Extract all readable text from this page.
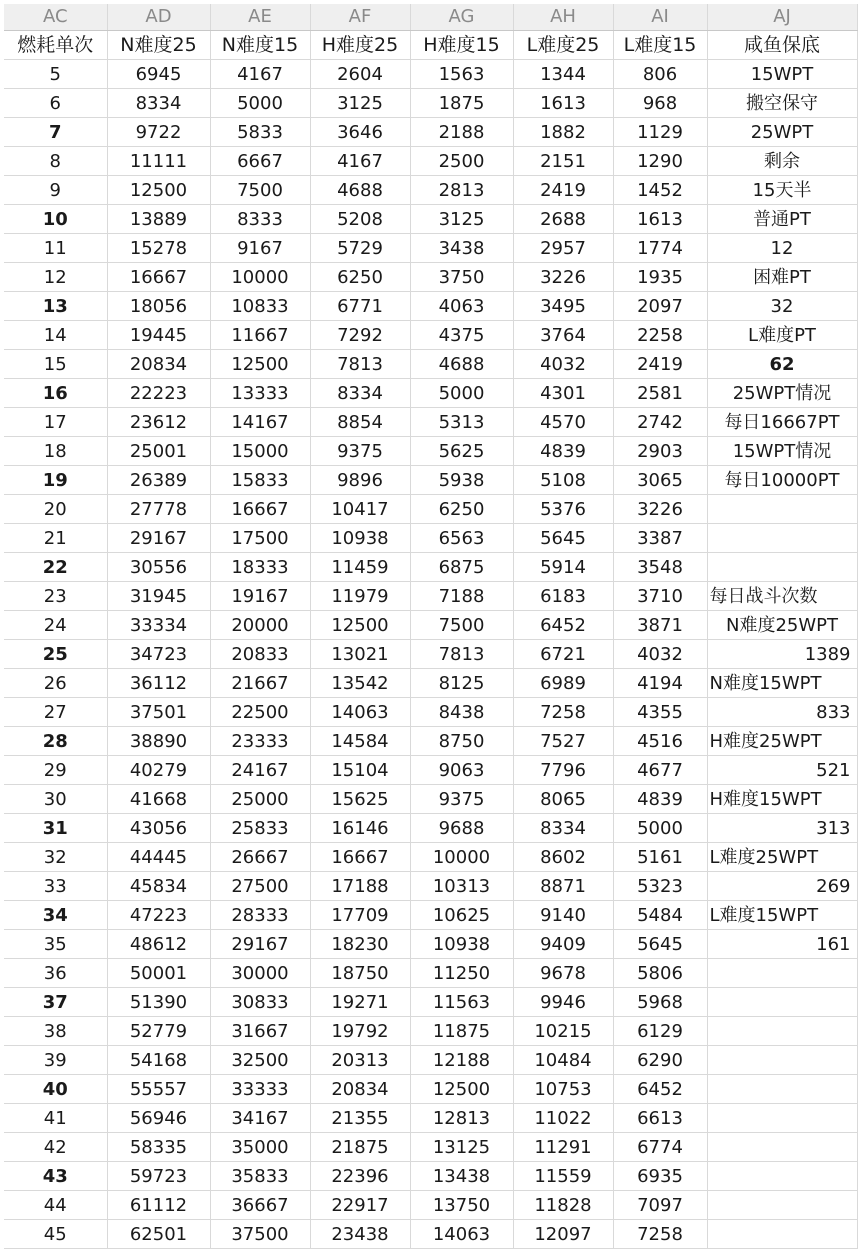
AC	AD	AE	AF	AG	AH	AI	AJ
燃耗单次	N难度25	N难度15	H难度25	H难度15	L难度25	L难度15	咸鱼保底
5	6945	4167	2604	1563	1344	806	15WPT
6	8334	5000	3125	1875	1613	968	搬空保守
7	9722	5833	3646	2188	1882	1129	25WPT
8	11111	6667	4167	2500	2151	1290	剩余
9	12500	7500	4688	2813	2419	1452	15天半
10	13889	8333	5208	3125	2688	1613	普通PT
11	15278	9167	5729	3438	2957	1774	12
12	16667	10000	6250	3750	3226	1935	困难PT
13	18056	10833	6771	4063	3495	2097	32
14	19445	11667	7292	4375	3764	2258	L难度PT
15	20834	12500	7813	4688	4032	2419	62
16	22223	13333	8334	5000	4301	2581	25WPT情况
17	23612	14167	8854	5313	4570	2742	每日16667PT
18	25001	15000	9375	5625	4839	2903	15WPT情况
19	26389	15833	9896	5938	5108	3065	每日10000PT
20	27778	16667	10417	6250	5376	3226	
21	29167	17500	10938	6563	5645	3387	
22	30556	18333	11459	6875	5914	3548	
23	31945	19167	11979	7188	6183	3710	每日战斗次数
24	33334	20000	12500	7500	6452	3871	N难度25WPT
25	34723	20833	13021	7813	6721	4032	1389
26	36112	21667	13542	8125	6989	4194	N难度15WPT
27	37501	22500	14063	8438	7258	4355	833
28	38890	23333	14584	8750	7527	4516	H难度25WPT
29	40279	24167	15104	9063	7796	4677	521
30	41668	25000	15625	9375	8065	4839	H难度15WPT
31	43056	25833	16146	9688	8334	5000	313
32	44445	26667	16667	10000	8602	5161	L难度25WPT
33	45834	27500	17188	10313	8871	5323	269
34	47223	28333	17709	10625	9140	5484	L难度15WPT
35	48612	29167	18230	10938	9409	5645	161
36	50001	30000	18750	11250	9678	5806	
37	51390	30833	19271	11563	9946	5968	
38	52779	31667	19792	11875	10215	6129	
39	54168	32500	20313	12188	10484	6290	
40	55557	33333	20834	12500	10753	6452	
41	56946	34167	21355	12813	11022	6613	
42	58335	35000	21875	13125	11291	6774	
43	59723	35833	22396	13438	11559	6935	
44	61112	36667	22917	13750	11828	7097	
45	62501	37500	23438	14063	12097	7258	
